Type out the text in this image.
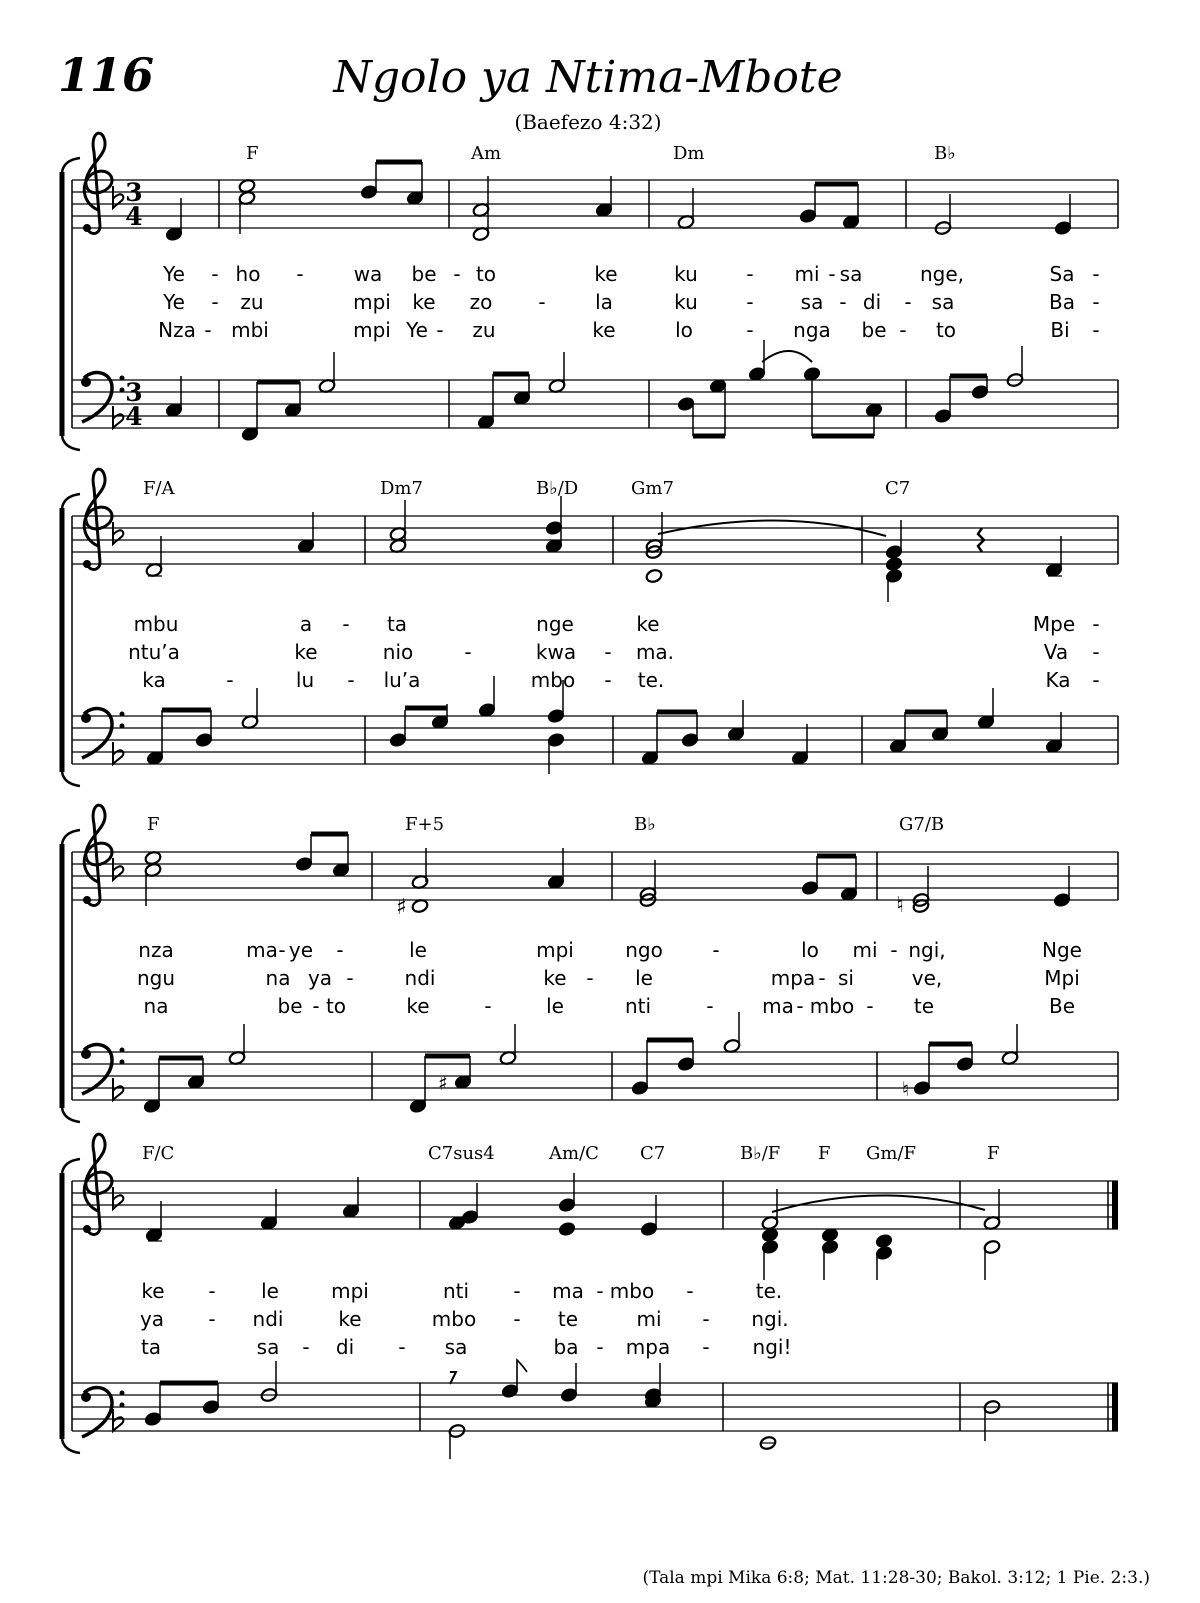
116	Ngolo ya Ntima-Mbote
(Baefezo 4:32)
F	Am	Dm	B♭
Ye - ho -	wa be - to	ke	ku - mi - sa	nge,	Sa -
Ye - zu	mpi ke zo - la	ku - sa - di - sa	Ba -
Nza - mbi	mpi Ye - zu	ke	lo	- nga be - to	Bi -
F/A	Dm7	B♭/D	Gm7	C7
mbu	a - ta	nge	ke	Mpe -
ntu’a	ke	nio	-	kwa - ma.	Va -
ka	-	lu - lu’a	mbo - te.	Ka -
F	F+5	B♭	G7/B
nza	ma - ye -	le	mpi	ngo -	lo mi - ngi,	Nge
ngu	na ya -	ndi	ke - le	mpa - si	ve,	Mpi
na	be - to	ke	-	le	nti	- ma - mbo - te	Be
F/C	C7sus4	Am/C C7	B♭/F F Gm/F	F
ke - le	mpi	nti - ma - mbo -	te.
ya - ndi	ke	mbo - te	mi - ngi.
ta	sa - di - sa	ba - mpa - ngi!
3
4
3
4
♯	♮
♯	♮
(Tala mpi Mika 6:8; Mat. 11:28-30; Bakol. 3:12; 1 Pie. 2:3.)
